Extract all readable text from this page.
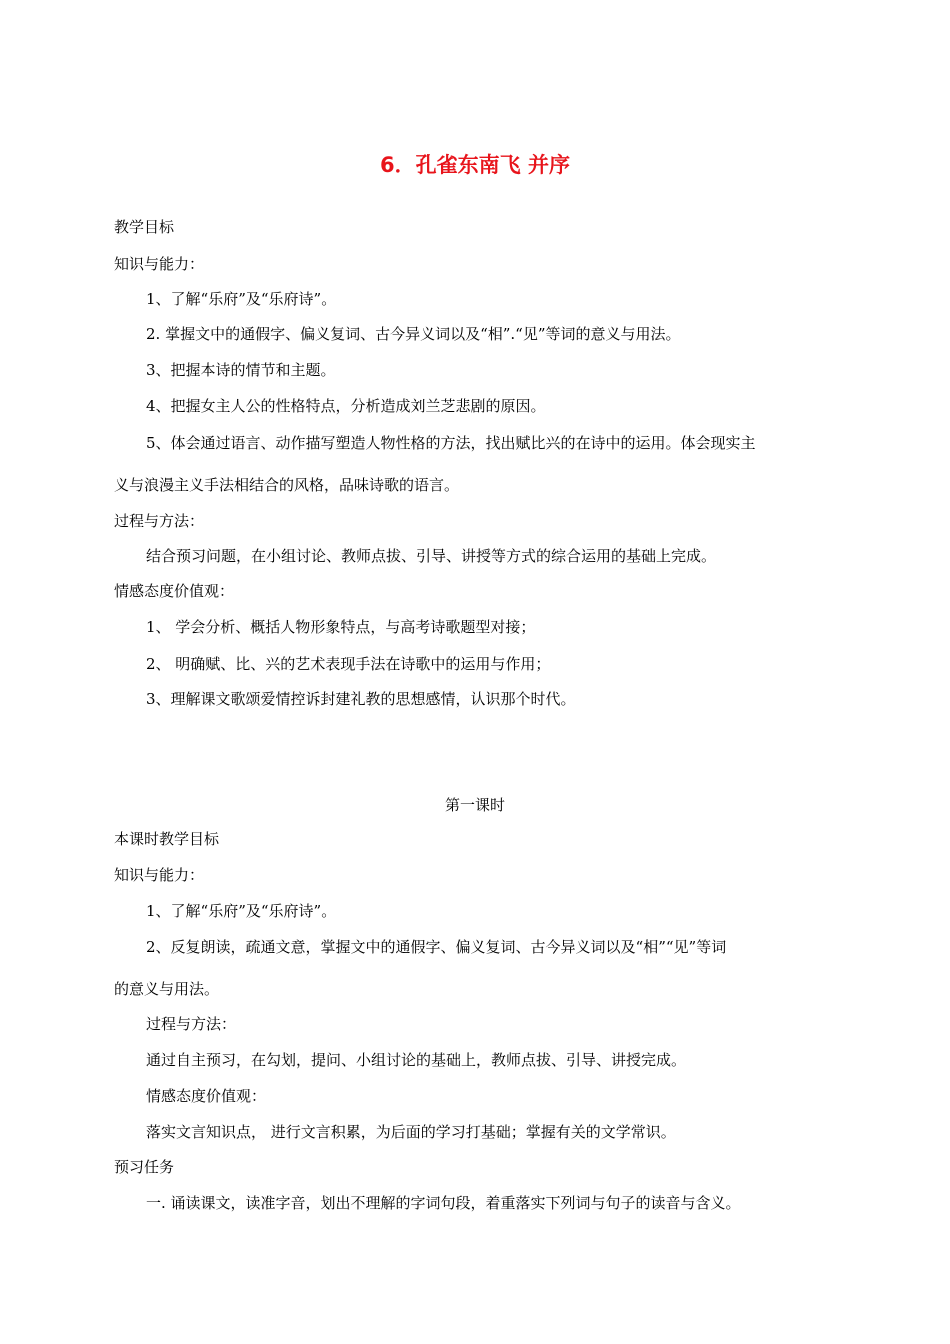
6．孔雀东南飞 并序
教学目标
知识与能力：
1、了解“乐府”及“乐府诗”。
2. 掌握文中的通假字、偏义复词、古今异义词以及“相”.“见”等词的意义与用法。
3、把握本诗的情节和主题。
4、把握女主人公的性格特点，分析造成刘兰芝悲剧的原因。
5、体会通过语言、动作描写塑造人物性格的方法，找出赋比兴的在诗中的运用。体会现实主
义与浪漫主义手法相结合的风格，品味诗歌的语言。
过程与方法：
结合预习问题，在小组讨论、教师点拔、引导、讲授等方式的综合运用的基础上完成。
情感态度价值观：
1、 学会分析、概括人物形象特点，与高考诗歌题型对接；
2、 明确赋、比、兴的艺术表现手法在诗歌中的运用与作用；
3、理解课文歌颂爱情控诉封建礼教的思想感情，认识那个时代。
第一课时
本课时教学目标
知识与能力：
1、了解“乐府”及“乐府诗”。
2、反复朗读，疏通文意，掌握文中的通假字、偏义复词、古今异义词以及“相”“见”等词
的意义与用法。
过程与方法：
通过自主预习，在勾划，提问、小组讨论的基础上，教师点拔、引导、讲授完成。
情感态度价值观：
落实文言知识点， 进行文言积累，为后面的学习打基础；掌握有关的文学常识。
预习任务
一. 诵读课文，读准字音，划出不理解的字词句段，着重落实下列词与句子的读音与含义。
